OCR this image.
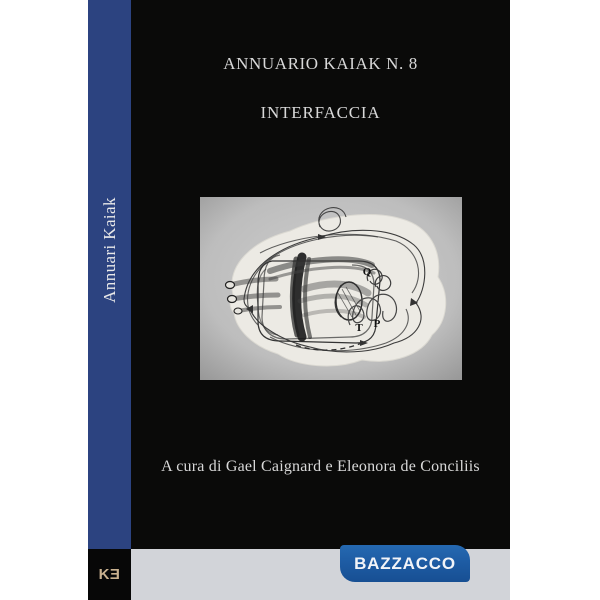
Annuari Kaiak
ANNUARIO KAIAK N. 8
INTERFACCIA
Q
T P
A cura di Gael Caignard e Eleonora de Conciliis
KƎ
BAZZACCO
